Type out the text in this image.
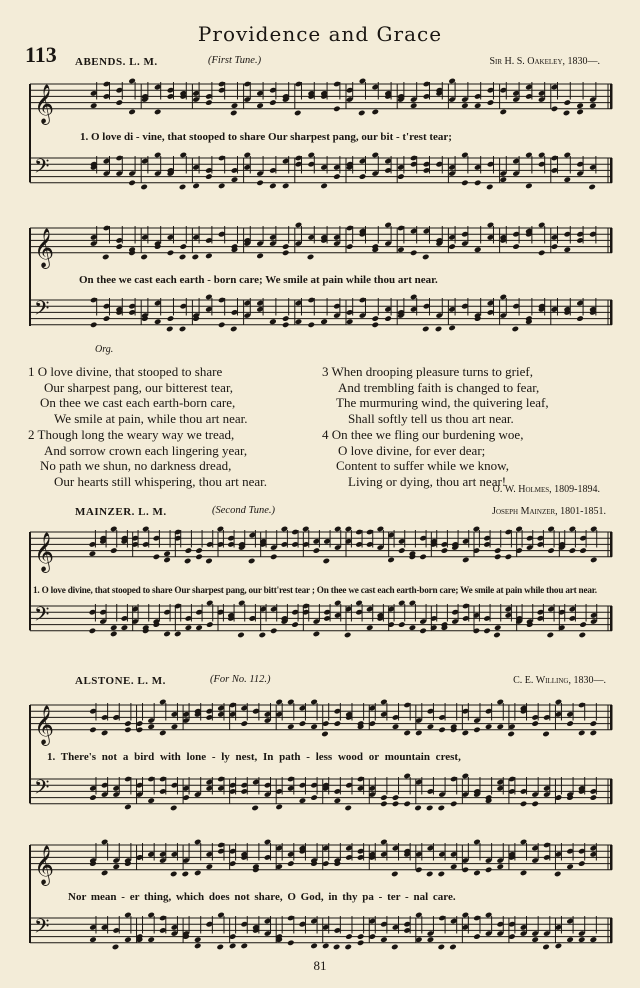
Providence and Grace
113 ABENDS. L. M.	(First Tune.)	Sir H. S. Oakeley, 1830—.
𝄞
𝄢
𝄞
𝄢
𝄞
𝄢
𝄞
𝄢
𝄞
𝄢
1. O love di - vine, that stooped to share Our sharpest pang, our bit - t'rest tear;
On thee we cast each earth - born care; We smile at pain while thou art near.
Org.
1 O love divine, that stooped to share
Our sharpest pang, our bitterest tear,
On thee we cast each earth-born care,
We smile at pain, while thou art near.
2 Though long the weary way we tread,
And sorrow crown each lingering year,
No path we shun, no darkness dread,
Our hearts still whispering, thou art near.
3 When drooping pleasure turns to grief,
And trembling faith is changed to fear,
The murmuring wind, the quivering leaf,
Shall softly tell us thou art near.
4 On thee we fling our burdening woe,
O love divine, for ever dear;
Content to suffer while we know,
Living or dying, thou art near!
O. W. Holmes, 1809-1894.
MAINZER. L. M.	(Second Tune.)	Joseph Mainzer, 1801-1851.
1. O love divine, that stooped to share Our sharpest pang, our bitt'rest tear ; On thee we cast each earth-born care; We smile at pain while thou art near.
ALSTONE. L. M.	(For No. 112.)	C. E. Willing, 1830—.
1. There's not a bird with lone - ly nest, In path - less wood or mountain crest,
Nor mean - er thing, which does not share, O God, in thy pa - ter - nal care.
81
